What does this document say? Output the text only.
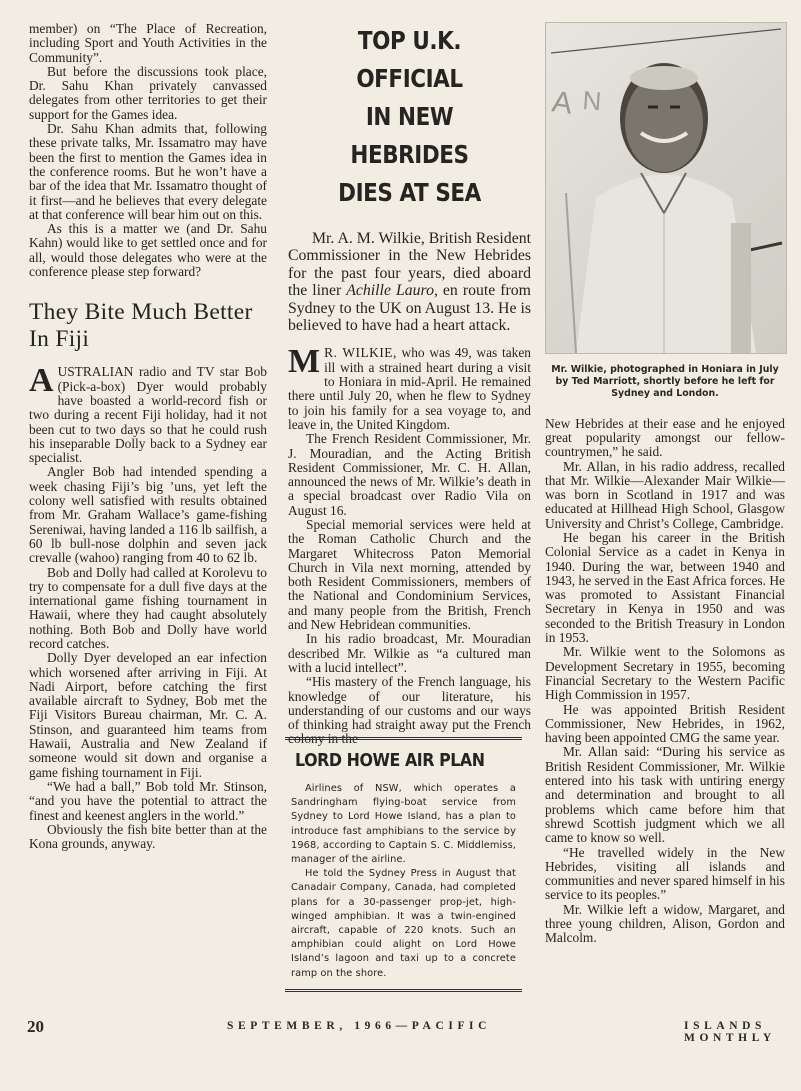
member) on “The Place of Recreation, including Sport and Youth Activities in the Community”.

But before the discussions took place, Dr. Sahu Khan privately canvassed delegates from other territories to get their support for the Games idea.

Dr. Sahu Khan admits that, following these private talks, Mr. Issamatro may have been the first to mention the Games idea in the conference rooms. But he won’t have a bar of the idea that Mr. Issamatro thought of it first—and he believes that every delegate at that conference will bear him out on this.

As this is a matter we (and Dr. Sahu Kahn) would like to get settled once and for all, would those delegates who were at the conference please step forward?

They Bite Much Better In Fiji

AUSTRALIAN radio and TV star Bob (Pick-a-box) Dyer would probably have boasted a world-record fish or two during a recent Fiji holiday, had it not been cut to two days so that he could rush his inseparable Dolly back to a Sydney ear specialist.

Angler Bob had intended spending a week chasing Fiji’s big ’uns, yet left the colony well satisfied with results obtained from Mr. Graham Wallace’s game-fishing Sereniwai, having landed a 116 lb sailfish, a 60 lb bull-nose dolphin and seven jack crevalle (wahoo) ranging from 40 to 62 lb.

Bob and Dolly had called at Korolevu to try to compensate for a dull five days at the international game fishing tournament in Hawaii, where they had caught absolutely nothing. Both Bob and Dolly have world record catches.

Dolly Dyer developed an ear infection which worsened after arriving in Fiji. At Nadi Airport, before catching the first available aircraft to Sydney, Bob met the Fiji Visitors Bureau chairman, Mr. C. A. Stinson, and guaranteed him teams from Hawaii, Australia and New Zealand if someone would sit down and organise a game fishing tournament in Fiji.

“We had a ball,” Bob told Mr. Stinson, “and you have the potential to attract the finest and keenest anglers in the world.”

Obviously the fish bite better than at the Kona grounds, anyway.

TOP U.K. OFFICIAL
IN NEW HEBRIDES
DIES AT SEA

Mr. A. M. Wilkie, British Resident Commissioner in the New Hebrides for the past four years, died aboard the liner Achille Lauro, en route from Sydney to the UK on August 13. He is believed to have had a heart attack.

M R. WILKIE, who was 49, was taken ill with a strained heart during a visit to Honiara in mid-April. He remained there until July 20, when he flew to Sydney to join his family for a sea voyage to, and leave in, the United Kingdom.

The French Resident Commissioner, Mr. J. Mouradian, and the Acting British Resident Commissioner, Mr. C. H. Allan, announced the news of Mr. Wilkie’s death in a special broadcast over Radio Vila on August 16.

Special memorial services were held at the Roman Catholic Church and the Margaret Whitecross Paton Memorial Church in Vila next morning, attended by both Resident Commissioners, members of the National and Condominium Services, and many people from the British, French and New Hebridean communities.

In his radio broadcast, Mr. Mouradian described Mr. Wilkie as “a cultured man with a lucid intellect”.

“His mastery of the French language, his knowledge of our literature, his understanding of our customs and our ways of thinking had straight away put the French colony in the

LORD HOWE AIR PLAN

Airlines of NSW, which operates a Sandringham flying-boat service from Sydney to Lord Howe Island, has a plan to introduce fast amphibians to the service by 1968, according to Captain S. C. Middlemiss, manager of the airline.

He told the Sydney Press in August that Canadair Company, Canada, had completed plans for a 30-passenger prop-jet, high-winged amphibian. It was a twin-engined aircraft, capable of 220 knots. Such an amphibian could alight on Lord Howe Island’s lagoon and taxi up to a concrete ramp on the shore.

A N
Mr. Wilkie, photographed in Honiara in July by Ted Marriott, shortly before he left for Sydney and London.

New Hebrides at their ease and he enjoyed great popularity amongst our fellow-countrymen,” he said.

Mr. Allan, in his radio address, recalled that Mr. Wilkie—Alexander Mair Wilkie—was born in Scotland in 1917 and was educated at Hillhead High School, Glasgow University and Christ’s College, Cambridge.

He began his career in the British Colonial Service as a cadet in Kenya in 1940. During the war, between 1940 and 1943, he served in the East Africa forces. He was promoted to Assistant Financial Secretary in Kenya in 1950 and was seconded to the British Treasury in London in 1953.

Mr. Wilkie went to the Solomons as Development Secretary in 1955, becoming Financial Secretary to the Western Pacific High Commission in 1957.

He was appointed British Resident Commissioner, New Hebrides, in 1962, having been appointed CMG the same year.

Mr. Allan said: “During his service as British Resident Commissioner, Mr. Wilkie entered into his task with untiring energy and determination and brought to all problems which came before him that shrewd Scottish judgment which we all came to know so well.

“He travelled widely in the New Hebrides, visiting all islands and communities and never spared himself in his service to its peoples.”

Mr. Wilkie left a widow, Margaret, and three young children, Alison, Gordon and Malcolm.

20	SEPTEMBER, 1966—PACIFIC	ISLANDS MONTHLY
